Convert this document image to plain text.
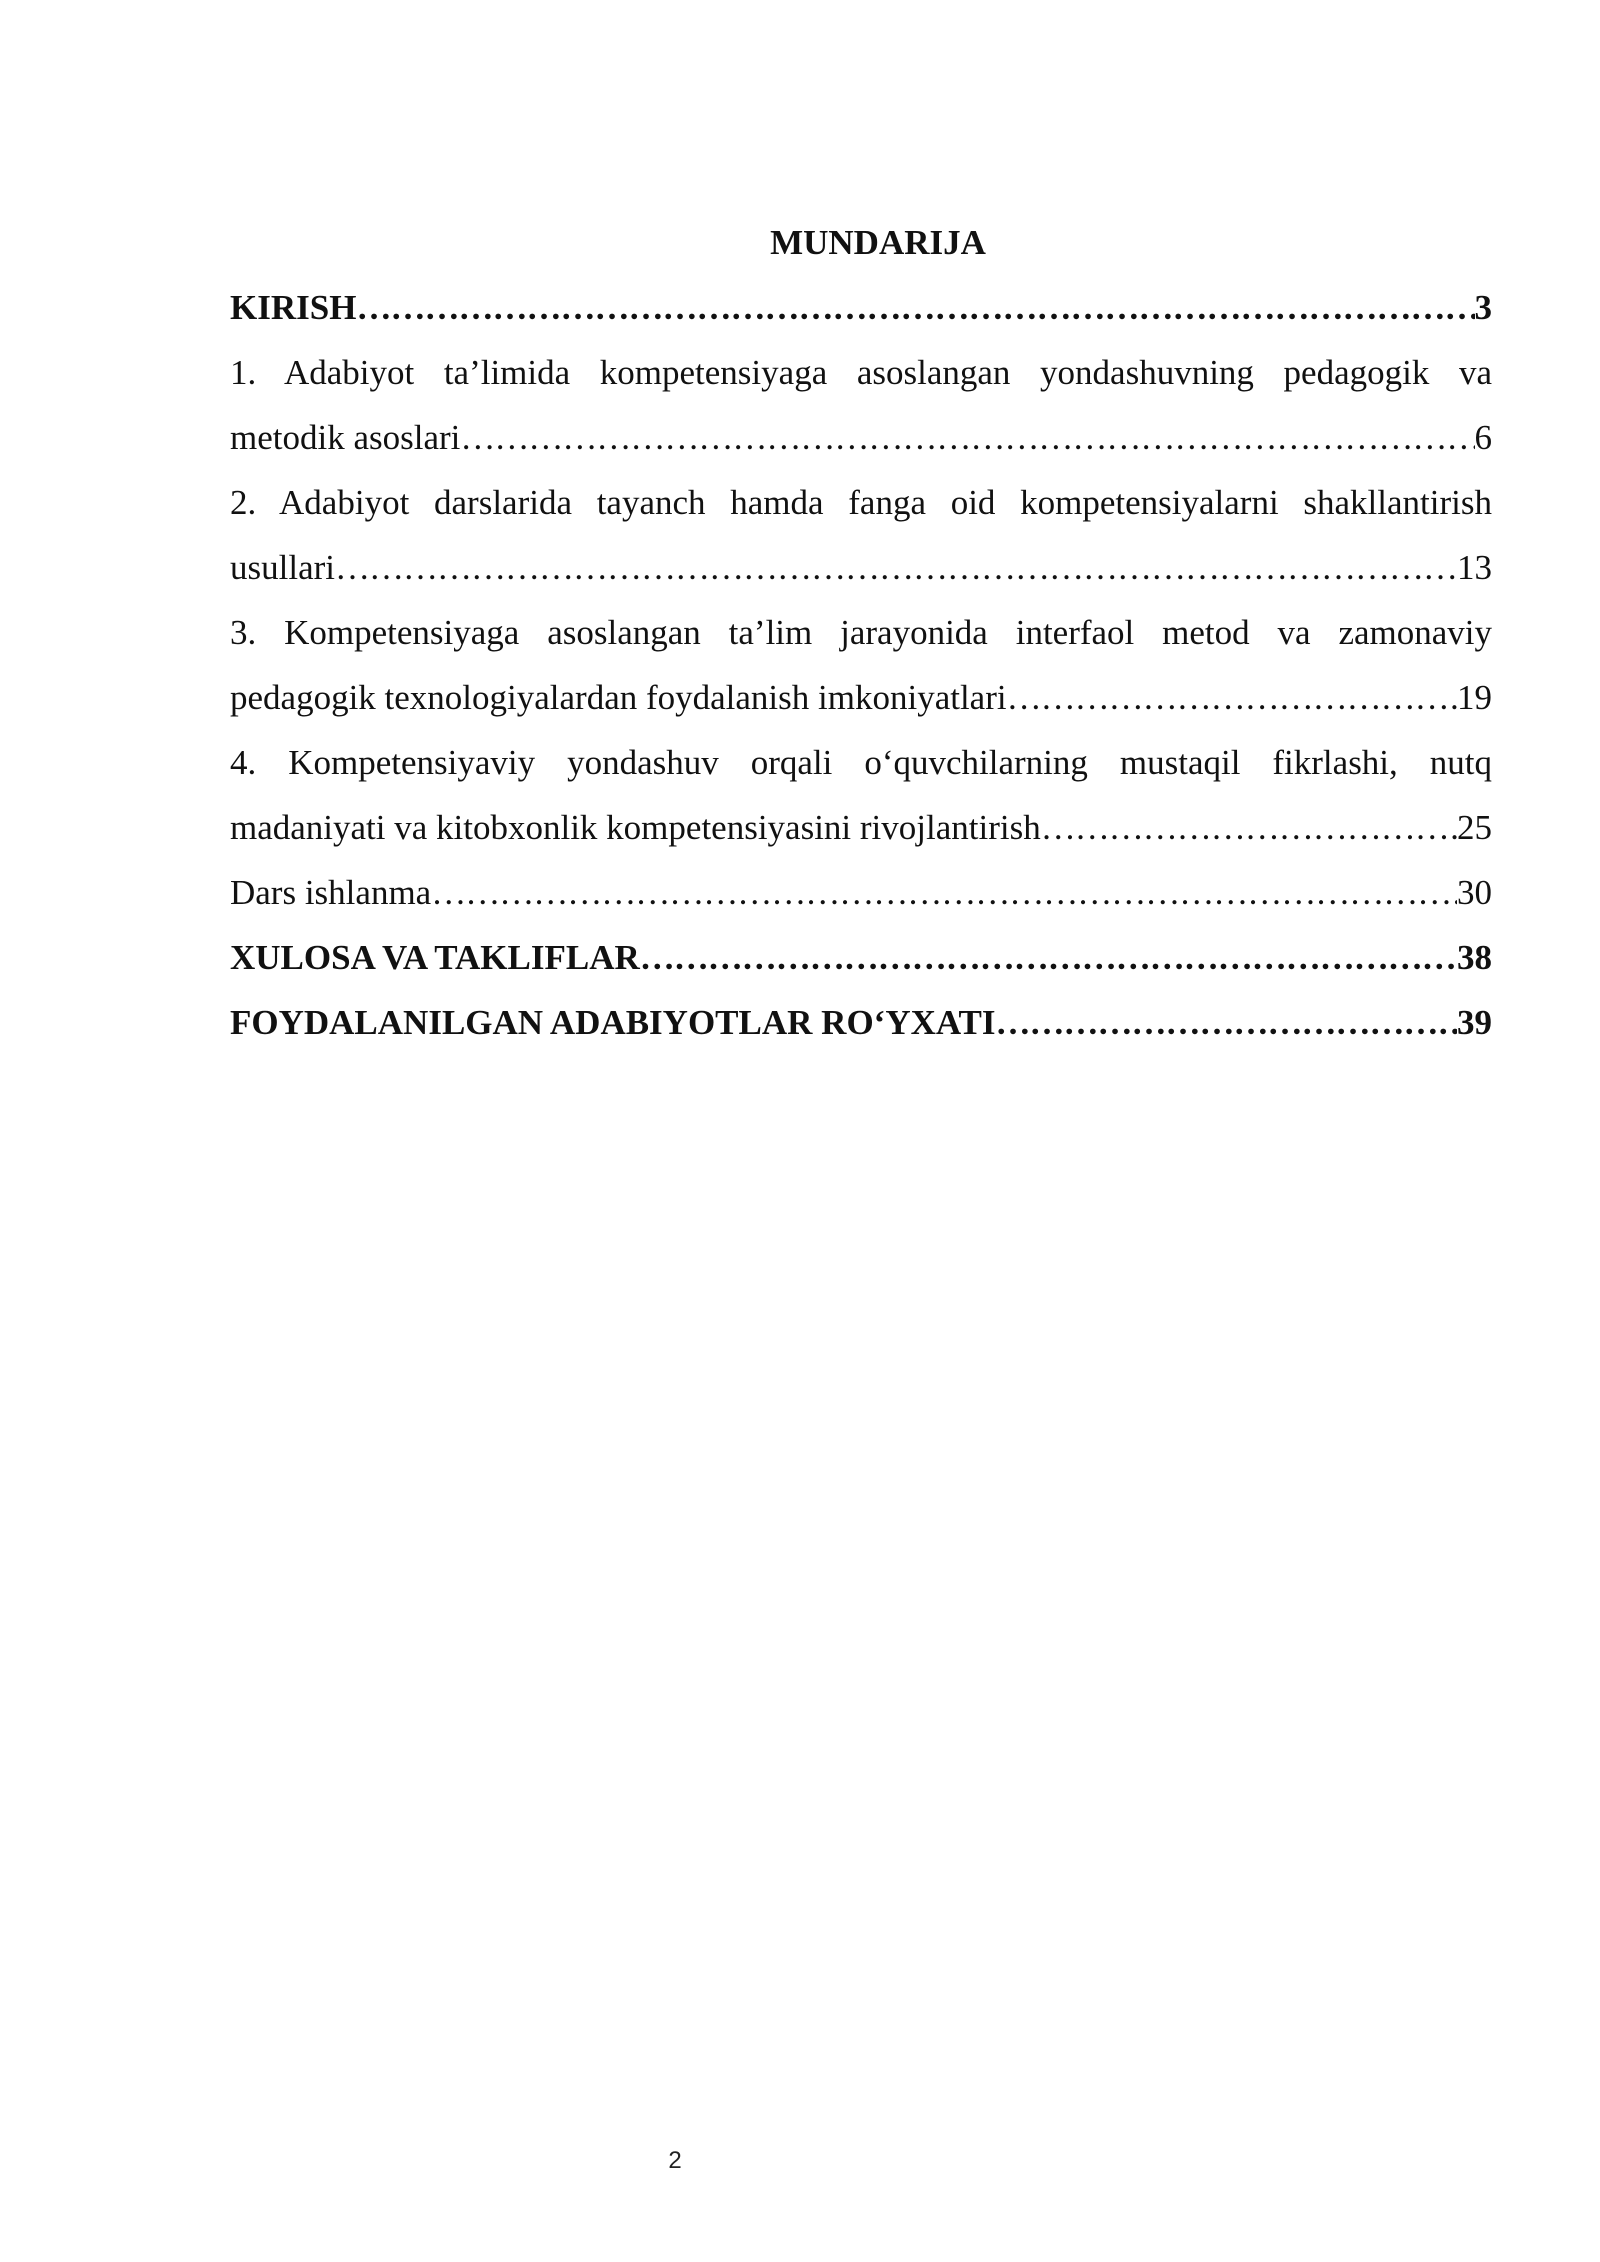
MUNDARIJA
KIRISH …………………………………………………………………………………………………………………………………………………………………………………………………………	3
1. Adabiyot ta’limida kompetensiyaga asoslangan yondashuvning pedagogik va
metodik asoslari …………………………………………………………………………………………………………………………………………………………………………………………………………	6
2. Adabiyot darslarida tayanch hamda fanga oid kompetensiyalarni shakllantirish
usullari …………………………………………………………………………………………………………………………………………………………………………………………………………	13
3. Kompetensiyaga asoslangan ta’lim jarayonida interfaol metod va zamonaviy
pedagogik texnologiyalardan foydalanish imkoniyatlari …………………………………………………………………………………………………………………………………………………………………………………………………………	19
4. Kompetensiyaviy yondashuv orqali o‘quvchilarning mustaqil fikrlashi, nutq
madaniyati va kitobxonlik kompetensiyasini rivojlantirish …………………………………………………………………………………………………………………………………………………………………………………………………………	25
Dars ishlanma …………………………………………………………………………………………………………………………………………………………………………………………………………	30
XULOSA VA TAKLIFLAR …………………………………………………………………………………………………………………………………………………………………………………………………………	38
FOYDALANILGAN ADABIYOTLAR RO‘YXATI …………………………………………………………………………………………………………………………………………………………………………………………………………	39
2
